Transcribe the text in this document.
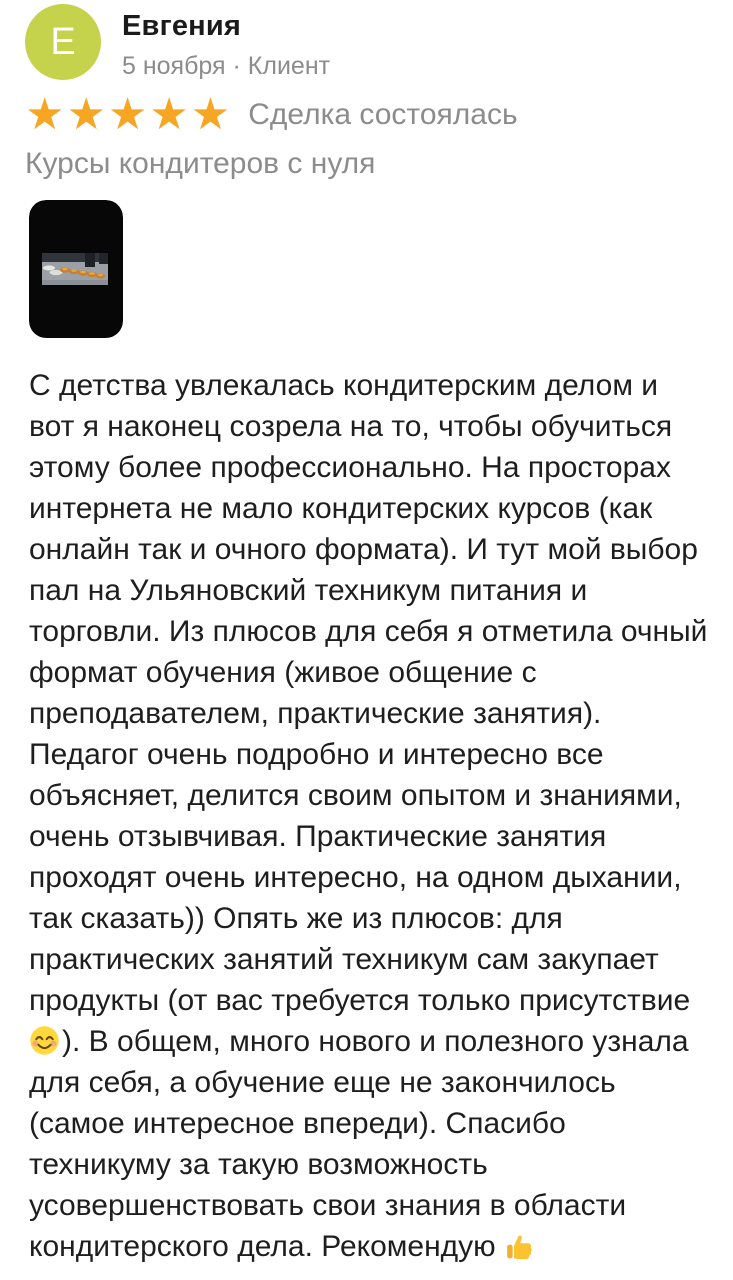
Е Евгения
5 ноября · Клиент
★★★★★ Сделка состоялась
Курсы кондитеров с нуля

С детства увлекалась кондитерским делом и вот я наконец созрела на то, чтобы обучиться этому более профессионально. На просторах интернета не мало кондитерских курсов (как онлайн так и очного формата). И тут мой выбор пал на Ульяновский техникум питания и торговли. Из плюсов для себя я отметила очный формат обучения (живое общение с преподавателем, практические занятия). Педагог очень подробно и интересно все объясняет, делится своим опытом и знаниями, очень отзывчивая. Практические занятия проходят очень интересно, на одном дыхании, так сказать)) Опять же из плюсов: для практических занятий техникум сам закупает продукты (от вас требуется только присутствие ). В общем, много нового и полезного узнала для себя, а обучение еще не закончилось (самое интересное впереди). Спасибо техникуму за такую возможность усовершенствовать свои знания в области кондитерского дела. Рекомендую
